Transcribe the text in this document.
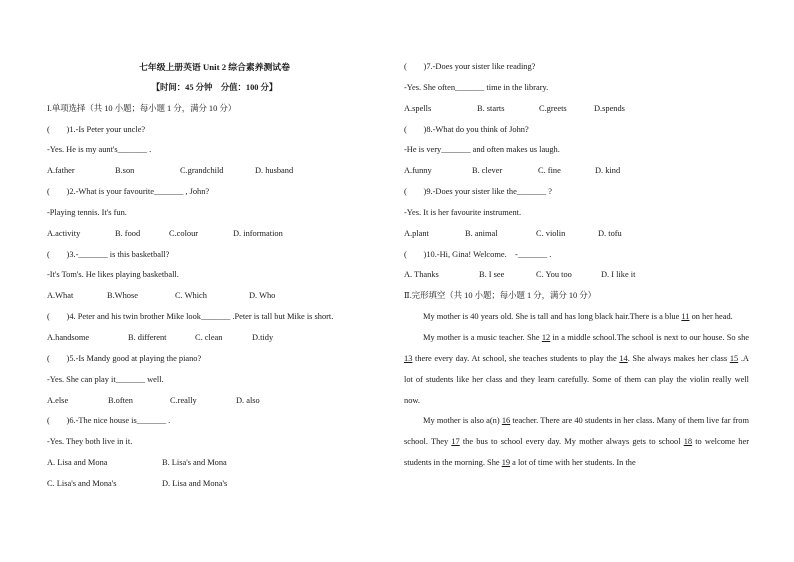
七年级上册英语 Unit 2 综合素养测试卷
【时间：45 分钟　分值：100 分】
I.单项选择（共 10 小题；每小题 1 分，满分 10 分）
(　　)1.-Is Peter your uncle?
-Yes. He is my aunt's_______ .
A.father	B.son	C.grandchild	D. husband
(　　)2.-What is your favourite_______ , John?
-Playing tennis. It's fun.
A.activity	B. food	C.colour	D. information
(　　)3.-_______ is this basketball?
-It's Tom's. He likes playing basketball.
A.What	B.Whose	C. Which	D. Who
(　　)4. Peter and his twin brother Mike look_______ .Peter is tall but Mike is short.
A.handsome	B. different	C. clean	D.tidy
(　　)5.-Is Mandy good at playing the piano?
-Yes. She can play it_______ well.
A.else	B.often	C.really	D. also
(　　)6.-The nice house is_______ .
-Yes. They both live in it.
A. Lisa and Mona	B. Lisa's and Mona
C. Lisa's and Mona's	D. Lisa and Mona's
(　　)7.-Does your sister like reading?
-Yes. She often_______ time in the library.
A.spells	B. starts	C.greets	D.spends
(　　)8.-What do you think of John?
-He is very_______ and often makes us laugh.
A.funny	B. clever	C. fine	D. kind
(　　)9.-Does your sister like the_______ ?
-Yes. It is her favourite instrument.
A.plant	B. animal	C. violin	D. tofu
(　　)10.-Hi, Gina! Welcome.　-_______ .
A. Thanks	B. I see	C. You too	D. I like it
Ⅱ.完形填空（共 10 小题；每小题 1 分，满分 10 分）
My mother is 40 years old. She is tall and has long black hair.There is a blue 11 on her head.
My mother is a music teacher. She 12 in a middle school.The school is next to our house. So she 13 there every day. At school, she teaches students to play the 14. She always makes her class 15 .A lot of students like her class and they learn carefully. Some of them can play the violin really well now.
My mother is also a(n) 16 teacher. There are 40 students in her class. Many of them live far from school. They 17 the bus to school every day. My mother always gets to school 18 to welcome her students in the morning. She 19 a lot of time with her students. In the
